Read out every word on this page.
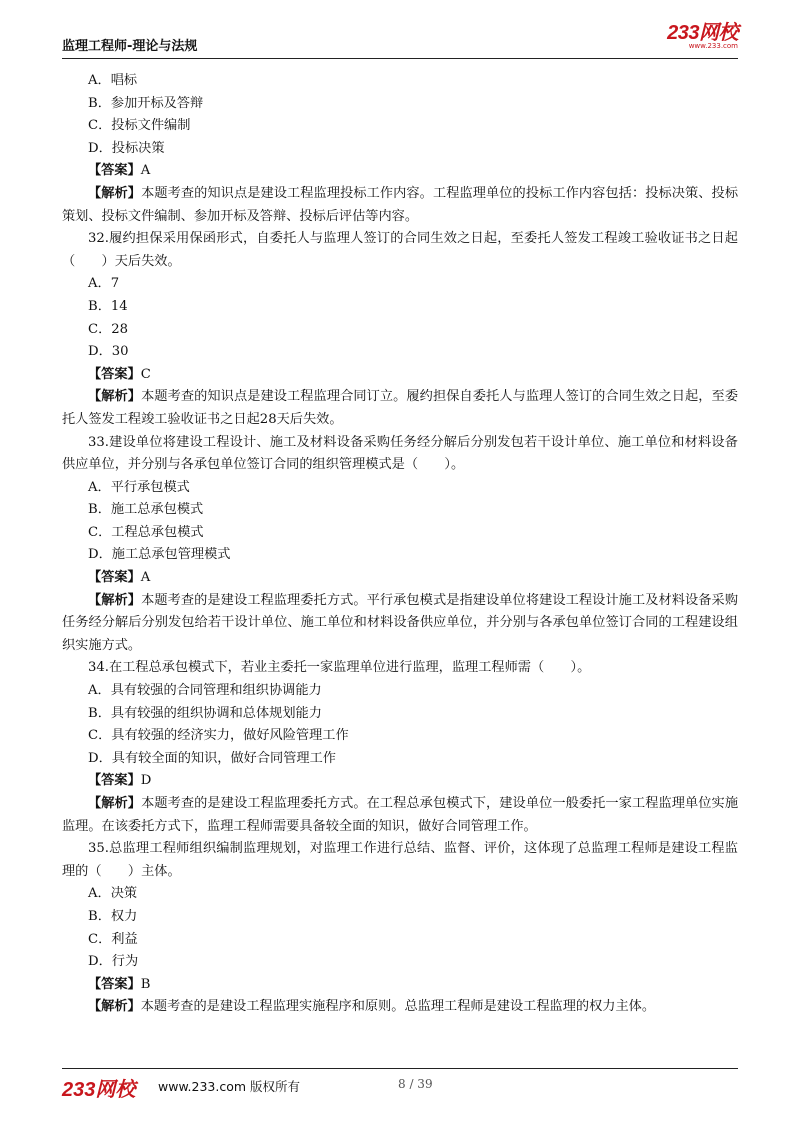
监理工程师-理论与法规
233网校
www.233.com
A．唱标
B．参加开标及答辩
C．投标文件编制
D．投标决策
【答案】A
【解析】本题考查的知识点是建设工程监理投标工作内容。工程监理单位的投标工作内容包括：投标决策、投标策划、投标文件编制、参加开标及答辩、投标后评估等内容。
32.履约担保采用保函形式，自委托人与监理人签订的合同生效之日起，至委托人签发工程竣工验收证书之日起（　　）天后失效。
A．7
B．14
C．28
D．30
【答案】C
【解析】本题考查的知识点是建设工程监理合同订立。履约担保自委托人与监理人签订的合同生效之日起，至委托人签发工程竣工验收证书之日起28天后失效。
33.建设单位将建设工程设计、施工及材料设备采购任务经分解后分别发包若干设计单位、施工单位和材料设备供应单位，并分别与各承包单位签订合同的组织管理模式是（　　）。
A．平行承包模式
B．施工总承包模式
C．工程总承包模式
D．施工总承包管理模式
【答案】A
【解析】本题考查的是建设工程监理委托方式。平行承包模式是指建设单位将建设工程设计施工及材料设备采购任务经分解后分别发包给若干设计单位、施工单位和材料设备供应单位，并分别与各承包单位签订合同的工程建设组织实施方式。
34.在工程总承包模式下，若业主委托一家监理单位进行监理，监理工程师需（　　）。
A．具有较强的合同管理和组织协调能力
B．具有较强的组织协调和总体规划能力
C．具有较强的经济实力，做好风险管理工作
D．具有较全面的知识，做好合同管理工作
【答案】D
【解析】本题考查的是建设工程监理委托方式。在工程总承包模式下，建设单位一般委托一家工程监理单位实施监理。在该委托方式下，监理工程师需要具备较全面的知识，做好合同管理工作。
35.总监理工程师组织编制监理规划，对监理工作进行总结、监督、评价，这体现了总监理工程师是建设工程监理的（　　）主体。
A．决策
B．权力
C．利益
D．行为
【答案】B
【解析】本题考查的是建设工程监理实施程序和原则。总监理工程师是建设工程监理的权力主体。
233网校 www.233.com 版权所有	8 / 39
